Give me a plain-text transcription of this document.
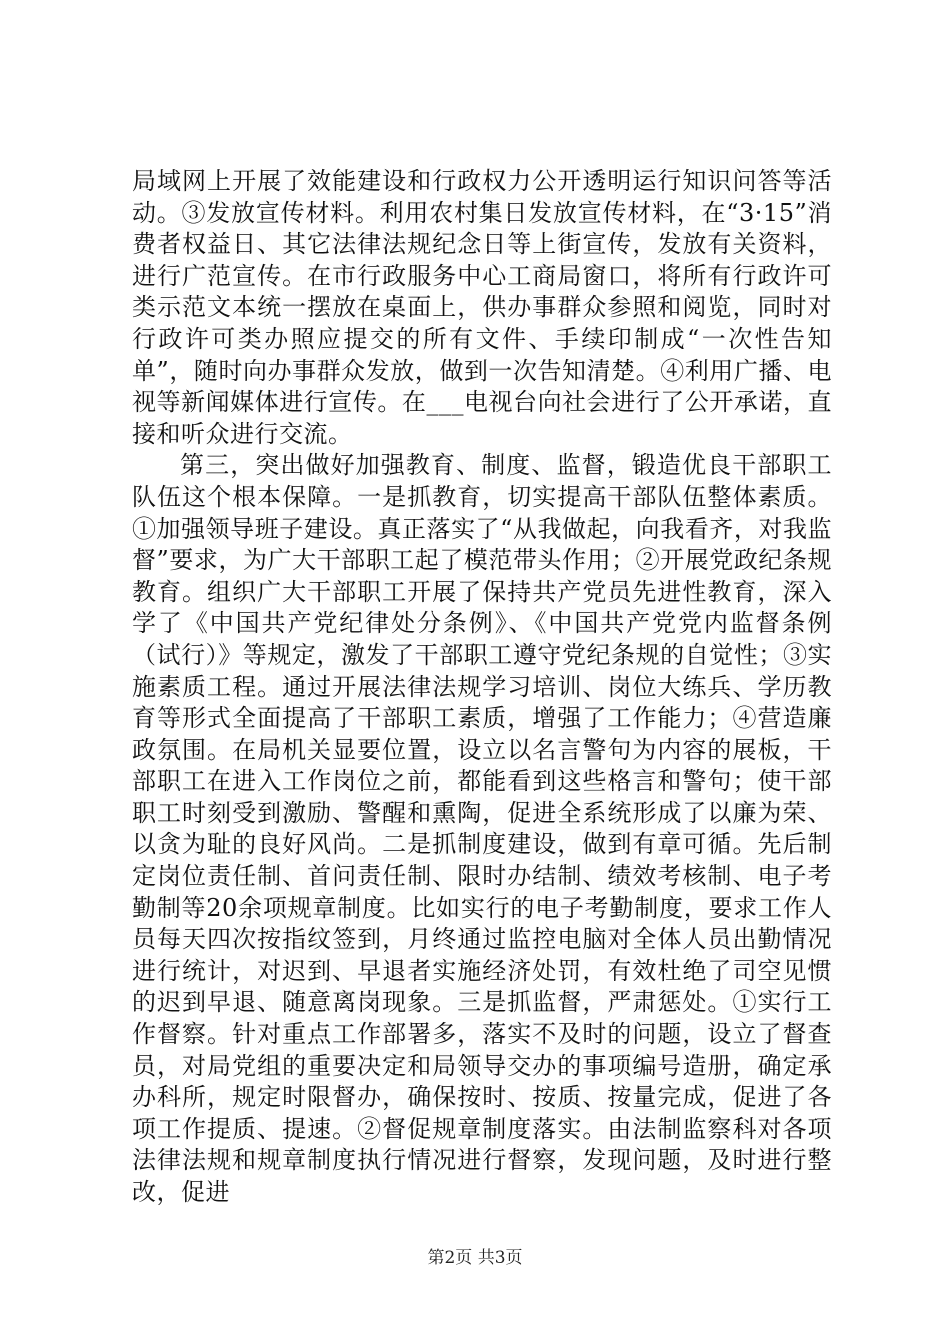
局域网上开展了效能建设和行政权力公开透明运行知识问答等活动。③发放宣传材料。利用农村集日发放宣传材料，在“3·15”消费者权益日、其它法律法规纪念日等上街宣传，发放有关资料，进行广范宣传。在市行政服务中心工商局窗口，将所有行政许可类示范文本统一摆放在桌面上，供办事群众参照和阅览，同时对行政许可类办照应提交的所有文件、手续印制成“一次性告知单”，随时向办事群众发放，做到一次告知清楚。④利用广播、电视等新闻媒体进行宣传。在___电视台向社会进行了公开承诺，直接和听众进行交流。

第三，突出做好加强教育、制度、监督，锻造优良干部职工队伍这个根本保障。一是抓教育，切实提高干部队伍整体素质。①加强领导班子建设。真正落实了“从我做起，向我看齐，对我监督”要求，为广大干部职工起了模范带头作用；②开展党政纪条规教育。组织广大干部职工开展了保持共产党员先进性教育，深入学了《中国共产党纪律处分条例》、《中国共产党党内监督条例（试行）》等规定，激发了干部职工遵守党纪条规的自觉性；③实施素质工程。通过开展法律法规学习培训、岗位大练兵、学历教育等形式全面提高了干部职工素质，增强了工作能力；④营造廉政氛围。在局机关显要位置，设立以名言警句为内容的展板，干部职工在进入工作岗位之前，都能看到这些格言和警句；使干部职工时刻受到激励、警醒和熏陶，促进全系统形成了以廉为荣、以贪为耻的良好风尚。二是抓制度建设，做到有章可循。先后制定岗位责任制、首问责任制、限时办结制、绩效考核制、电子考勤制等20余项规章制度。比如实行的电子考勤制度，要求工作人员每天四次按指纹签到，月终通过监控电脑对全体人员出勤情况进行统计，对迟到、早退者实施经济处罚，有效杜绝了司空见惯的迟到早退、随意离岗现象。三是抓监督，严肃惩处。①实行工作督察。针对重点工作部署多，落实不及时的问题，设立了督查员，对局党组的重要决定和局领导交办的事项编号造册，确定承办科所，规定时限督办，确保按时、按质、按量完成，促进了各项工作提质、提速。②督促规章制度落实。由法制监察科对各项法律法规和规章制度执行情况进行督察，发现问题，及时进行整改，促进

第2页 共3页
